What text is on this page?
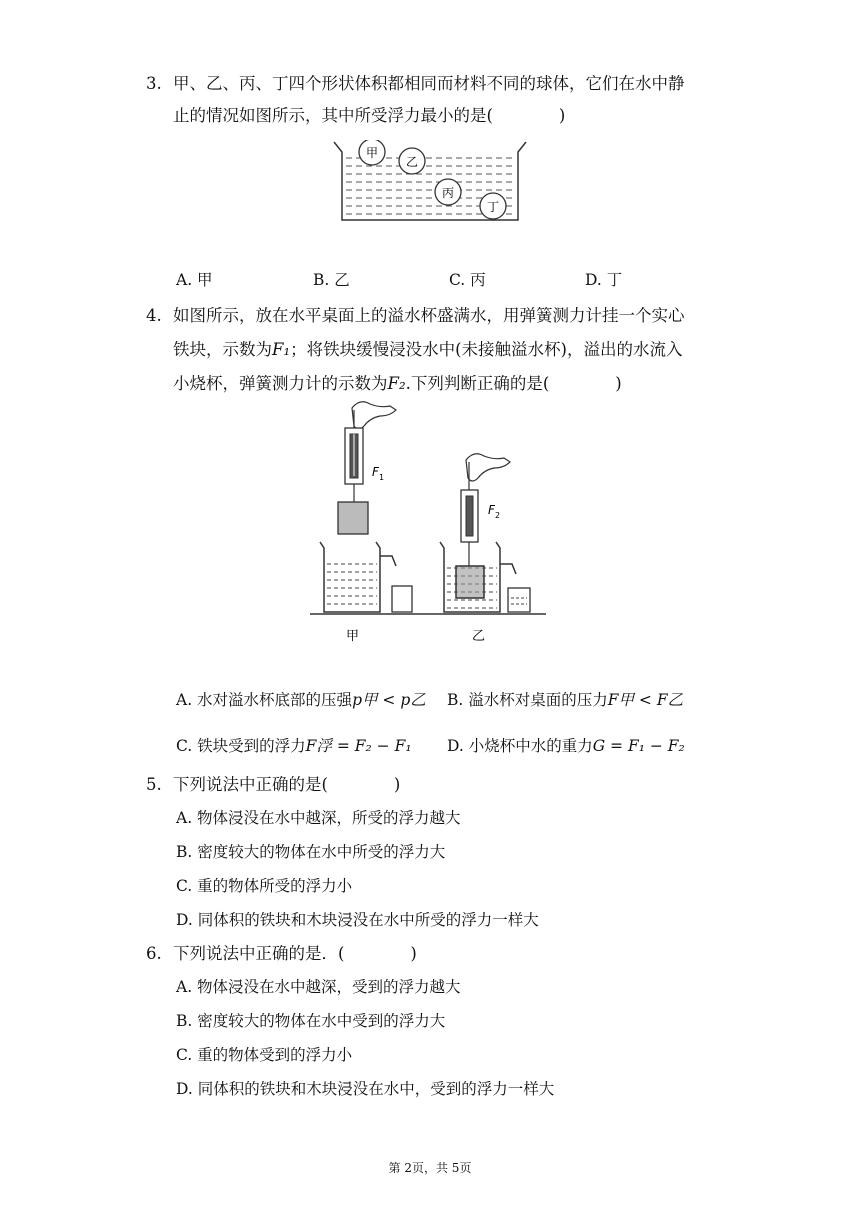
3. 甲、乙、丙、丁四个形状体积都相同而材料不同的球体，它们在水中静
止的情况如图所示，其中所受浮力最小的是(　　　　)
甲
乙
丙
丁
A. 甲	B. 乙	C. 丙	D. 丁
4. 如图所示，放在水平桌面上的溢水杯盛满水，用弹簧测力计挂一个实心
铁块，示数为F₁；将铁块缓慢浸没水中(未接触溢水杯)，溢出的水流入
小烧杯，弹簧测力计的示数为F₂.下列判断正确的是(　　　　)
F 1
F 2
甲	乙
A. 水对溢水杯底部的压强p甲 < p乙 B. 溢水杯对桌面的压力F甲 < F乙
C. 铁块受到的浮力F浮 = F₂ − F₁ D. 小烧杯中水的重力G = F₁ − F₂
5. 下列说法中正确的是(　　　　)
A. 物体浸没在水中越深，所受的浮力越大
B. 密度较大的物体在水中所受的浮力大
C. 重的物体所受的浮力小
D. 同体积的铁块和木块浸没在水中所受的浮力一样大
6. 下列说法中正确的是．(　　　　)
A. 物体浸没在水中越深，受到的浮力越大
B. 密度较大的物体在水中受到的浮力大
C. 重的物体受到的浮力小
D. 同体积的铁块和木块浸没在水中，受到的浮力一样大
第 2页，共 5页
